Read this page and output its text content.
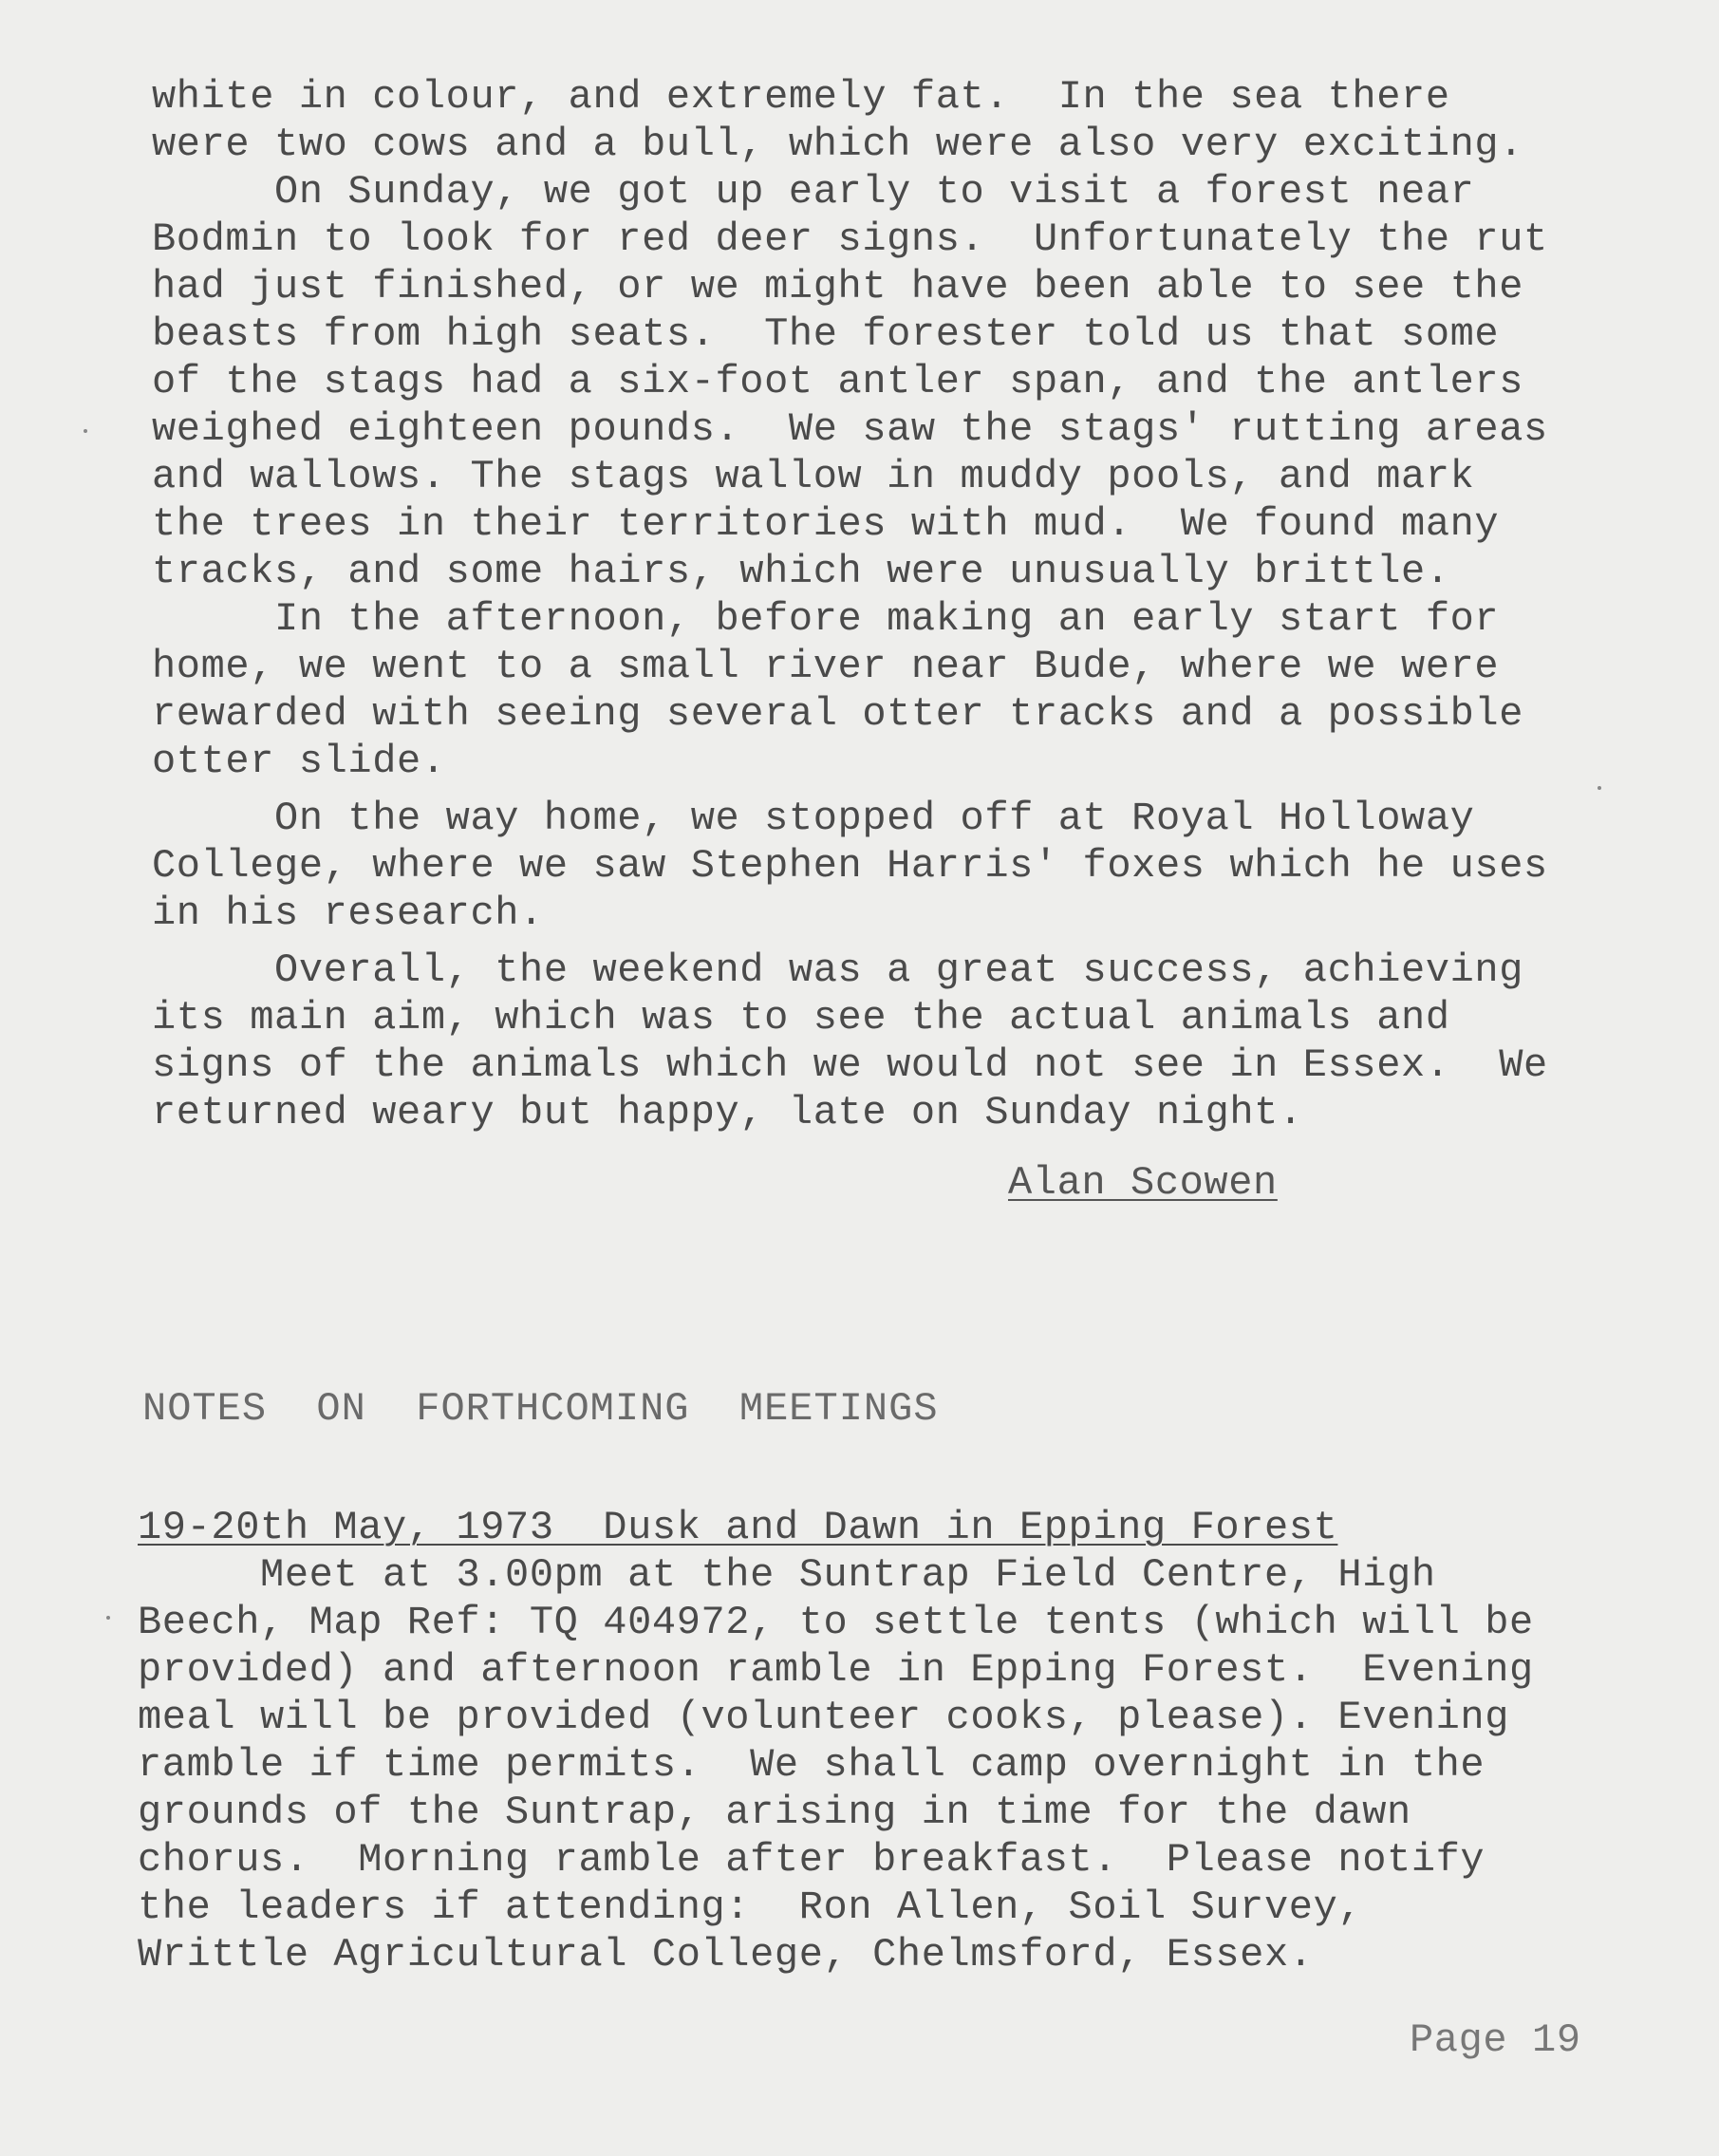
white in colour, and extremely fat.  In the sea there
were two cows and a bull, which were also very exciting.
On Sunday, we got up early to visit a forest near
Bodmin to look for red deer signs.  Unfortunately the rut
had just finished, or we might have been able to see the
beasts from high seats.  The forester told us that some
of the stags had a six-foot antler span, and the antlers
weighed eighteen pounds.  We saw the stags' rutting areas
and wallows. The stags wallow in muddy pools, and mark
the trees in their territories with mud.  We found many
tracks, and some hairs, which were unusually brittle.
In the afternoon, before making an early start for
home, we went to a small river near Bude, where we were
rewarded with seeing several otter tracks and a possible
otter slide.
On the way home, we stopped off at Royal Holloway
College, where we saw Stephen Harris' foxes which he uses
in his research.
Overall, the weekend was a great success, achieving
its main aim, which was to see the actual animals and
signs of the animals which we would not see in Essex.  We
returned weary but happy, late on Sunday night.
Alan Scowen
NOTES  ON  FORTHCOMING  MEETINGS
19-20th May, 1973  Dusk and Dawn in Epping Forest
Meet at 3.00pm at the Suntrap Field Centre, High
Beech, Map Ref: TQ 404972, to settle tents (which will be
provided) and afternoon ramble in Epping Forest.  Evening
meal will be provided (volunteer cooks, please). Evening
ramble if time permits.  We shall camp overnight in the
grounds of the Suntrap, arising in time for the dawn
chorus.  Morning ramble after breakfast.  Please notify
the leaders if attending:  Ron Allen, Soil Survey,
Writtle Agricultural College, Chelmsford, Essex.
Page 19
